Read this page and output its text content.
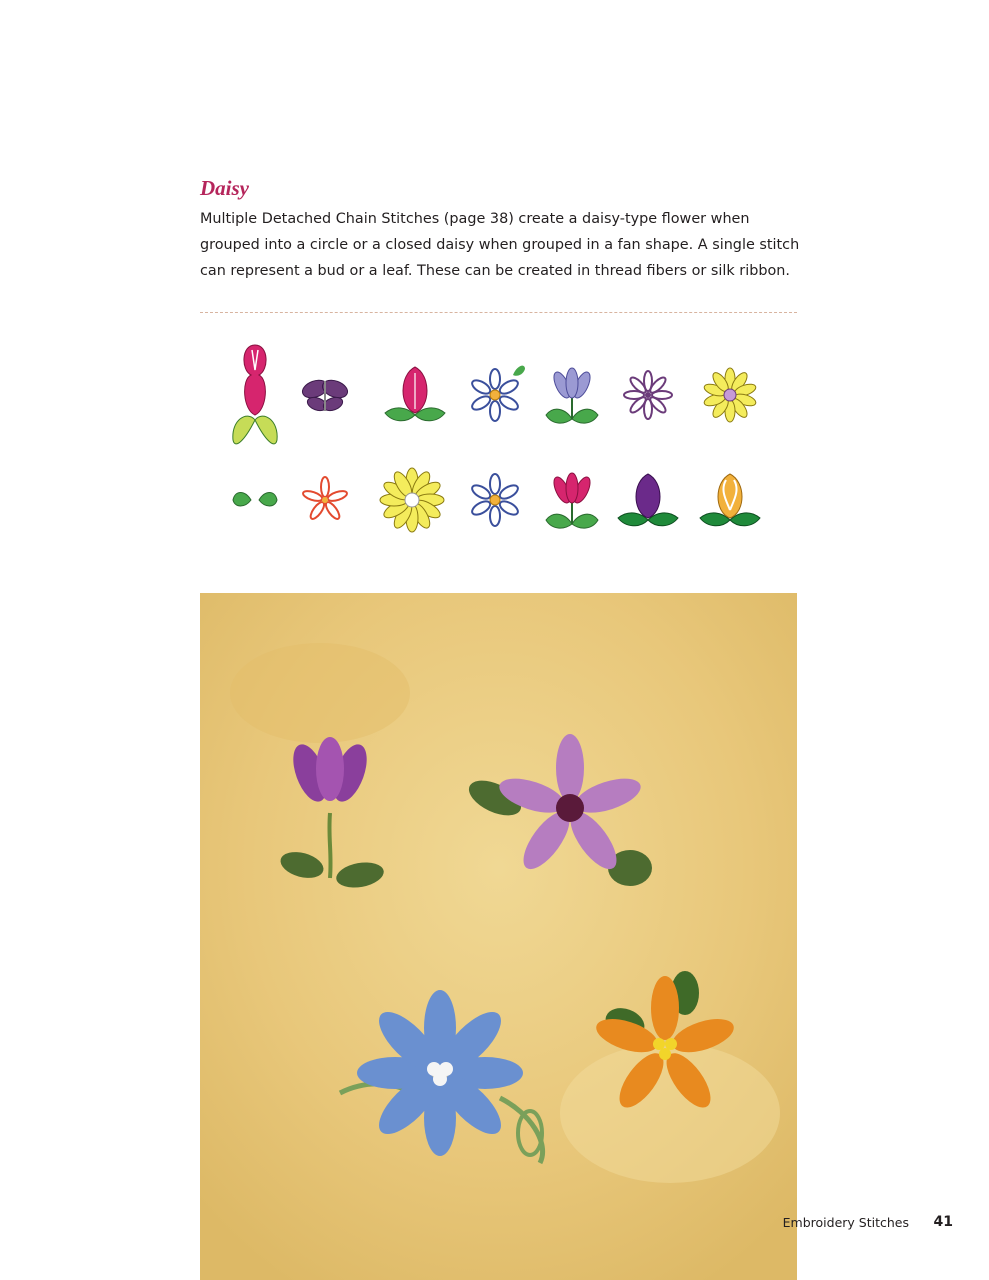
Daisy

Multiple Detached Chain Stitches (page 38) create a daisy-type flower when grouped into a circle or a closed daisy when grouped in a fan shape. A single stitch can represent a bud or a leaf. These can be created in thread fibers or silk ribbon.

Embroidery Stitches 41
